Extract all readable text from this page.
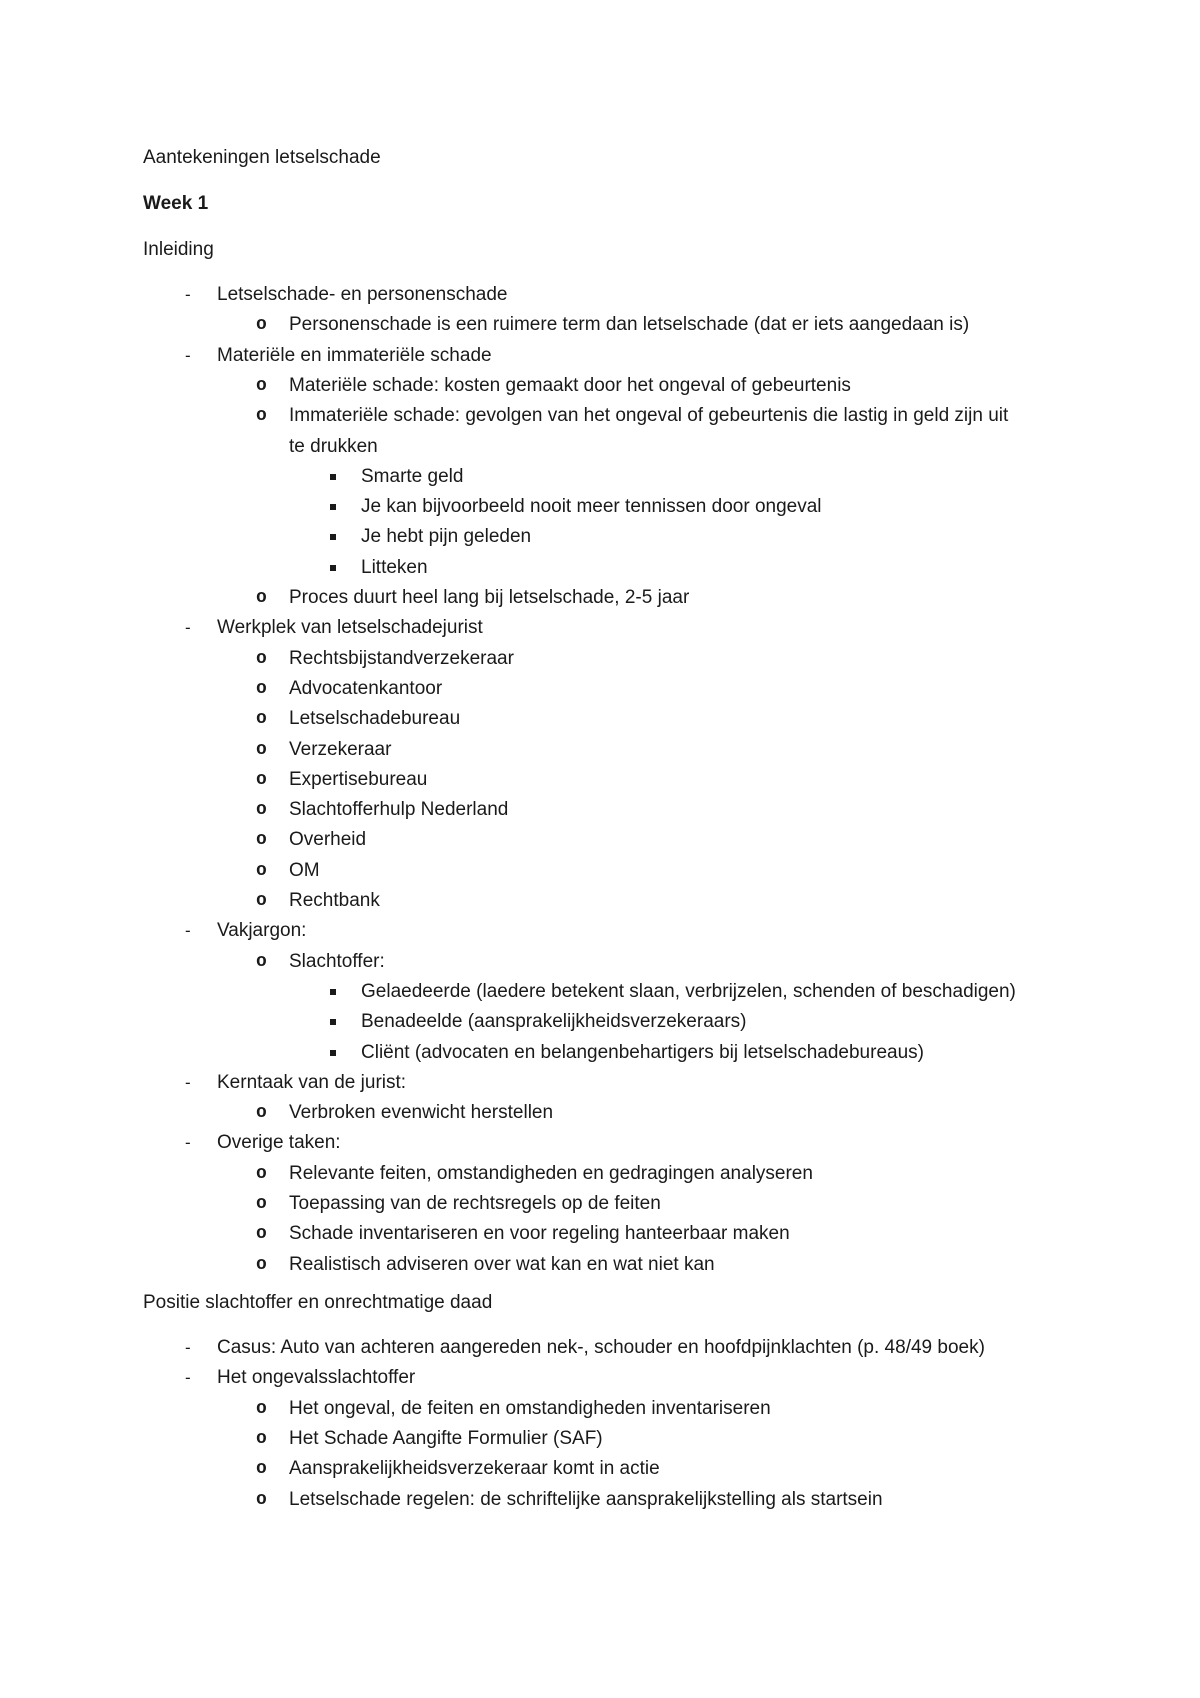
Aantekeningen letselschade
Week 1
Inleiding
- Letselschade- en personenschade
o Personenschade is een ruimere term dan letselschade (dat er iets aangedaan is)
- Materiële en immateriële schade
o Materiële schade: kosten gemaakt door het ongeval of gebeurtenis
o Immateriële schade: gevolgen van het ongeval of gebeurtenis die lastig in geld zijn uit
te drukken
Smarte geld
Je kan bijvoorbeeld nooit meer tennissen door ongeval
Je hebt pijn geleden
Litteken
o Proces duurt heel lang bij letselschade, 2-5 jaar
- Werkplek van letselschadejurist
o Rechtsbijstandverzekeraar
o Advocatenkantoor
o Letselschadebureau
o Verzekeraar
o Expertisebureau
o Slachtofferhulp Nederland
o Overheid
o OM
o Rechtbank
- Vakjargon:
o Slachtoffer:
Gelaedeerde (laedere betekent slaan, verbrijzelen, schenden of beschadigen)
Benadeelde (aansprakelijkheidsverzekeraars)
Cliënt (advocaten en belangenbehartigers bij letselschadebureaus)
- Kerntaak van de jurist:
o Verbroken evenwicht herstellen
- Overige taken:
o Relevante feiten, omstandigheden en gedragingen analyseren
o Toepassing van de rechtsregels op de feiten
o Schade inventariseren en voor regeling hanteerbaar maken
o Realistisch adviseren over wat kan en wat niet kan
Positie slachtoffer en onrechtmatige daad
- Casus: Auto van achteren aangereden nek-, schouder en hoofdpijnklachten (p. 48/49 boek)
- Het ongevalsslachtoffer
o Het ongeval, de feiten en omstandigheden inventariseren
o Het Schade Aangifte Formulier (SAF)
o Aansprakelijkheidsverzekeraar komt in actie
o Letselschade regelen: de schriftelijke aansprakelijkstelling als startsein
